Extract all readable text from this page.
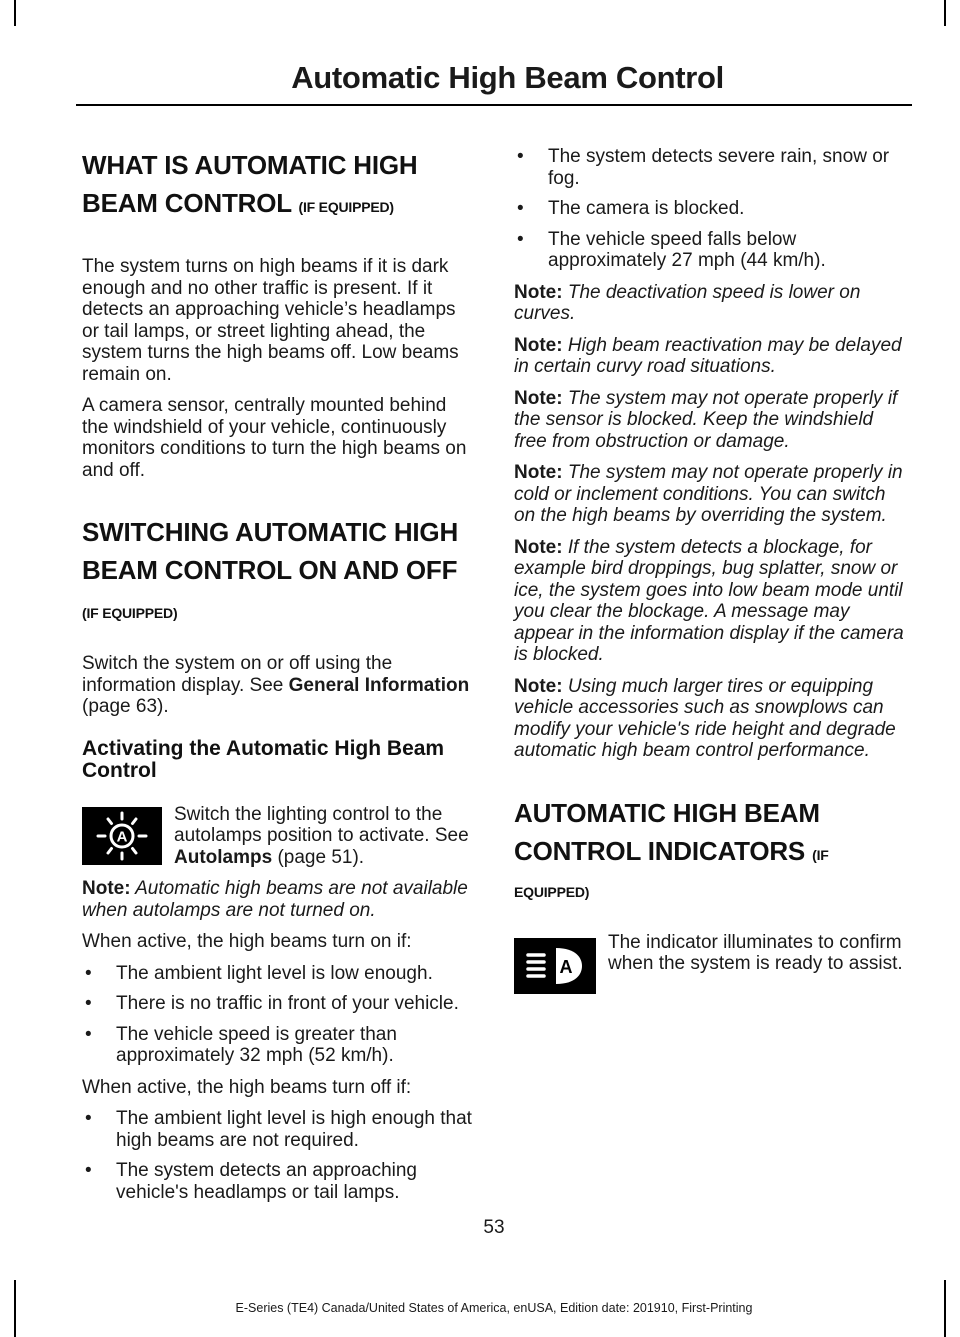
Automatic High Beam Control
WHAT IS AUTOMATIC HIGH BEAM CONTROL (IF EQUIPPED)

The system turns on high beams if it is dark enough and no other traffic is present. If it detects an approaching vehicle’s headlamps or tail lamps, or street lighting ahead, the system turns the high beams off. Low beams remain on.

A camera sensor, centrally mounted behind the windshield of your vehicle, continuously monitors conditions to turn the high beams on and off.

SWITCHING AUTOMATIC HIGH BEAM CONTROL ON AND OFF
(IF EQUIPPED)

Switch the system on or off using the information display. See General Information (page 63).

Activating the Automatic High Beam Control
A

Switch the lighting control to the autolamps position to activate. See Autolamps (page 51).

Note: Automatic high beams are not available when autolamps are not turned on.

When active, the high beams turn on if:

• The ambient light level is low enough.
• There is no traffic in front of your vehicle.
• The vehicle speed is greater than approximately 32 mph (52 km/h).

When active, the high beams turn off if:

• The ambient light level is high enough that high beams are not required.
• The system detects an approaching vehicle's headlamps or tail lamps.
• The system detects severe rain, snow or fog.
• The camera is blocked.
• The vehicle speed falls below approximately 27 mph (44 km/h).

Note: The deactivation speed is lower on curves.

Note: High beam reactivation may be delayed in certain curvy road situations.

Note: The system may not operate properly if the sensor is blocked. Keep the windshield free from obstruction or damage.

Note: The system may not operate properly in cold or inclement conditions. You can switch on the high beams by overriding the system.

Note: If the system detects a blockage, for example bird droppings, bug splatter, snow or ice, the system goes into low beam mode until you clear the blockage. A message may appear in the information display if the camera is blocked.

Note: Using much larger tires or equipping vehicle accessories such as snowplows can modify your vehicle's ride height and degrade automatic high beam control performance.

AUTOMATIC HIGH BEAM CONTROL INDICATORS (IF
EQUIPPED)
A

The indicator illuminates to confirm when the system is ready to assist.

53
E-Series (TE4) Canada/United States of America, enUSA, Edition date: 201910, First-Printing
